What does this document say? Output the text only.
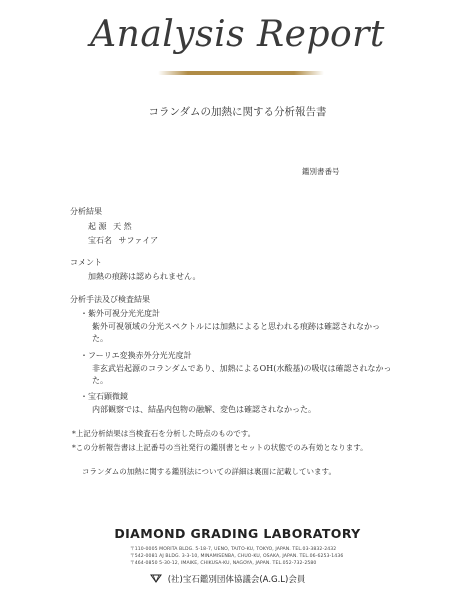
Analysis Report
コランダムの加熱に関する分析報告書
鑑別書番号
分析結果
起 源 天 然
宝石名 サファイア
コメント
加熱の痕跡は認められません。
分析手法及び検査結果
・紫外可視分光光度計
紫外可視領域の分光スペクトルには加熱によると思われる痕跡は確認されなかった。
・フーリエ変換赤外分光光度計
非玄武岩起源のコランダムであり、加熱によるOH(水酸基)の吸収は確認されなかった。
・宝石顕微鏡
内部観察では、結晶内包物の融解、変色は確認されなかった。
*上記分析結果は当検査石を分析した時点のものです。
*この分析報告書は上記番号の当社発行の鑑別書とセットの状態でのみ有効となります。
コランダムの加熱に関する鑑別法についての詳細は裏面に記載しています。
DIAMOND GRADING LABORATORY
〒110-0005 MORITA BLDG. 5-18-7, UENO, TAITO-KU, TOKYO, JAPAN. TEL.03-3832-2432
〒542-0081 AJ BLDG. 3-3-10, MINAMISENBA, CHUO-KU, OSAKA, JAPAN. TEL.06-6253-1436
〒464-0850 5-30-12, IMAIKE, CHIKUSA-KU, NAGOYA, JAPAN. TEL.052-732-2580
(社)宝石鑑別団体協議会(A.G.L)会員
